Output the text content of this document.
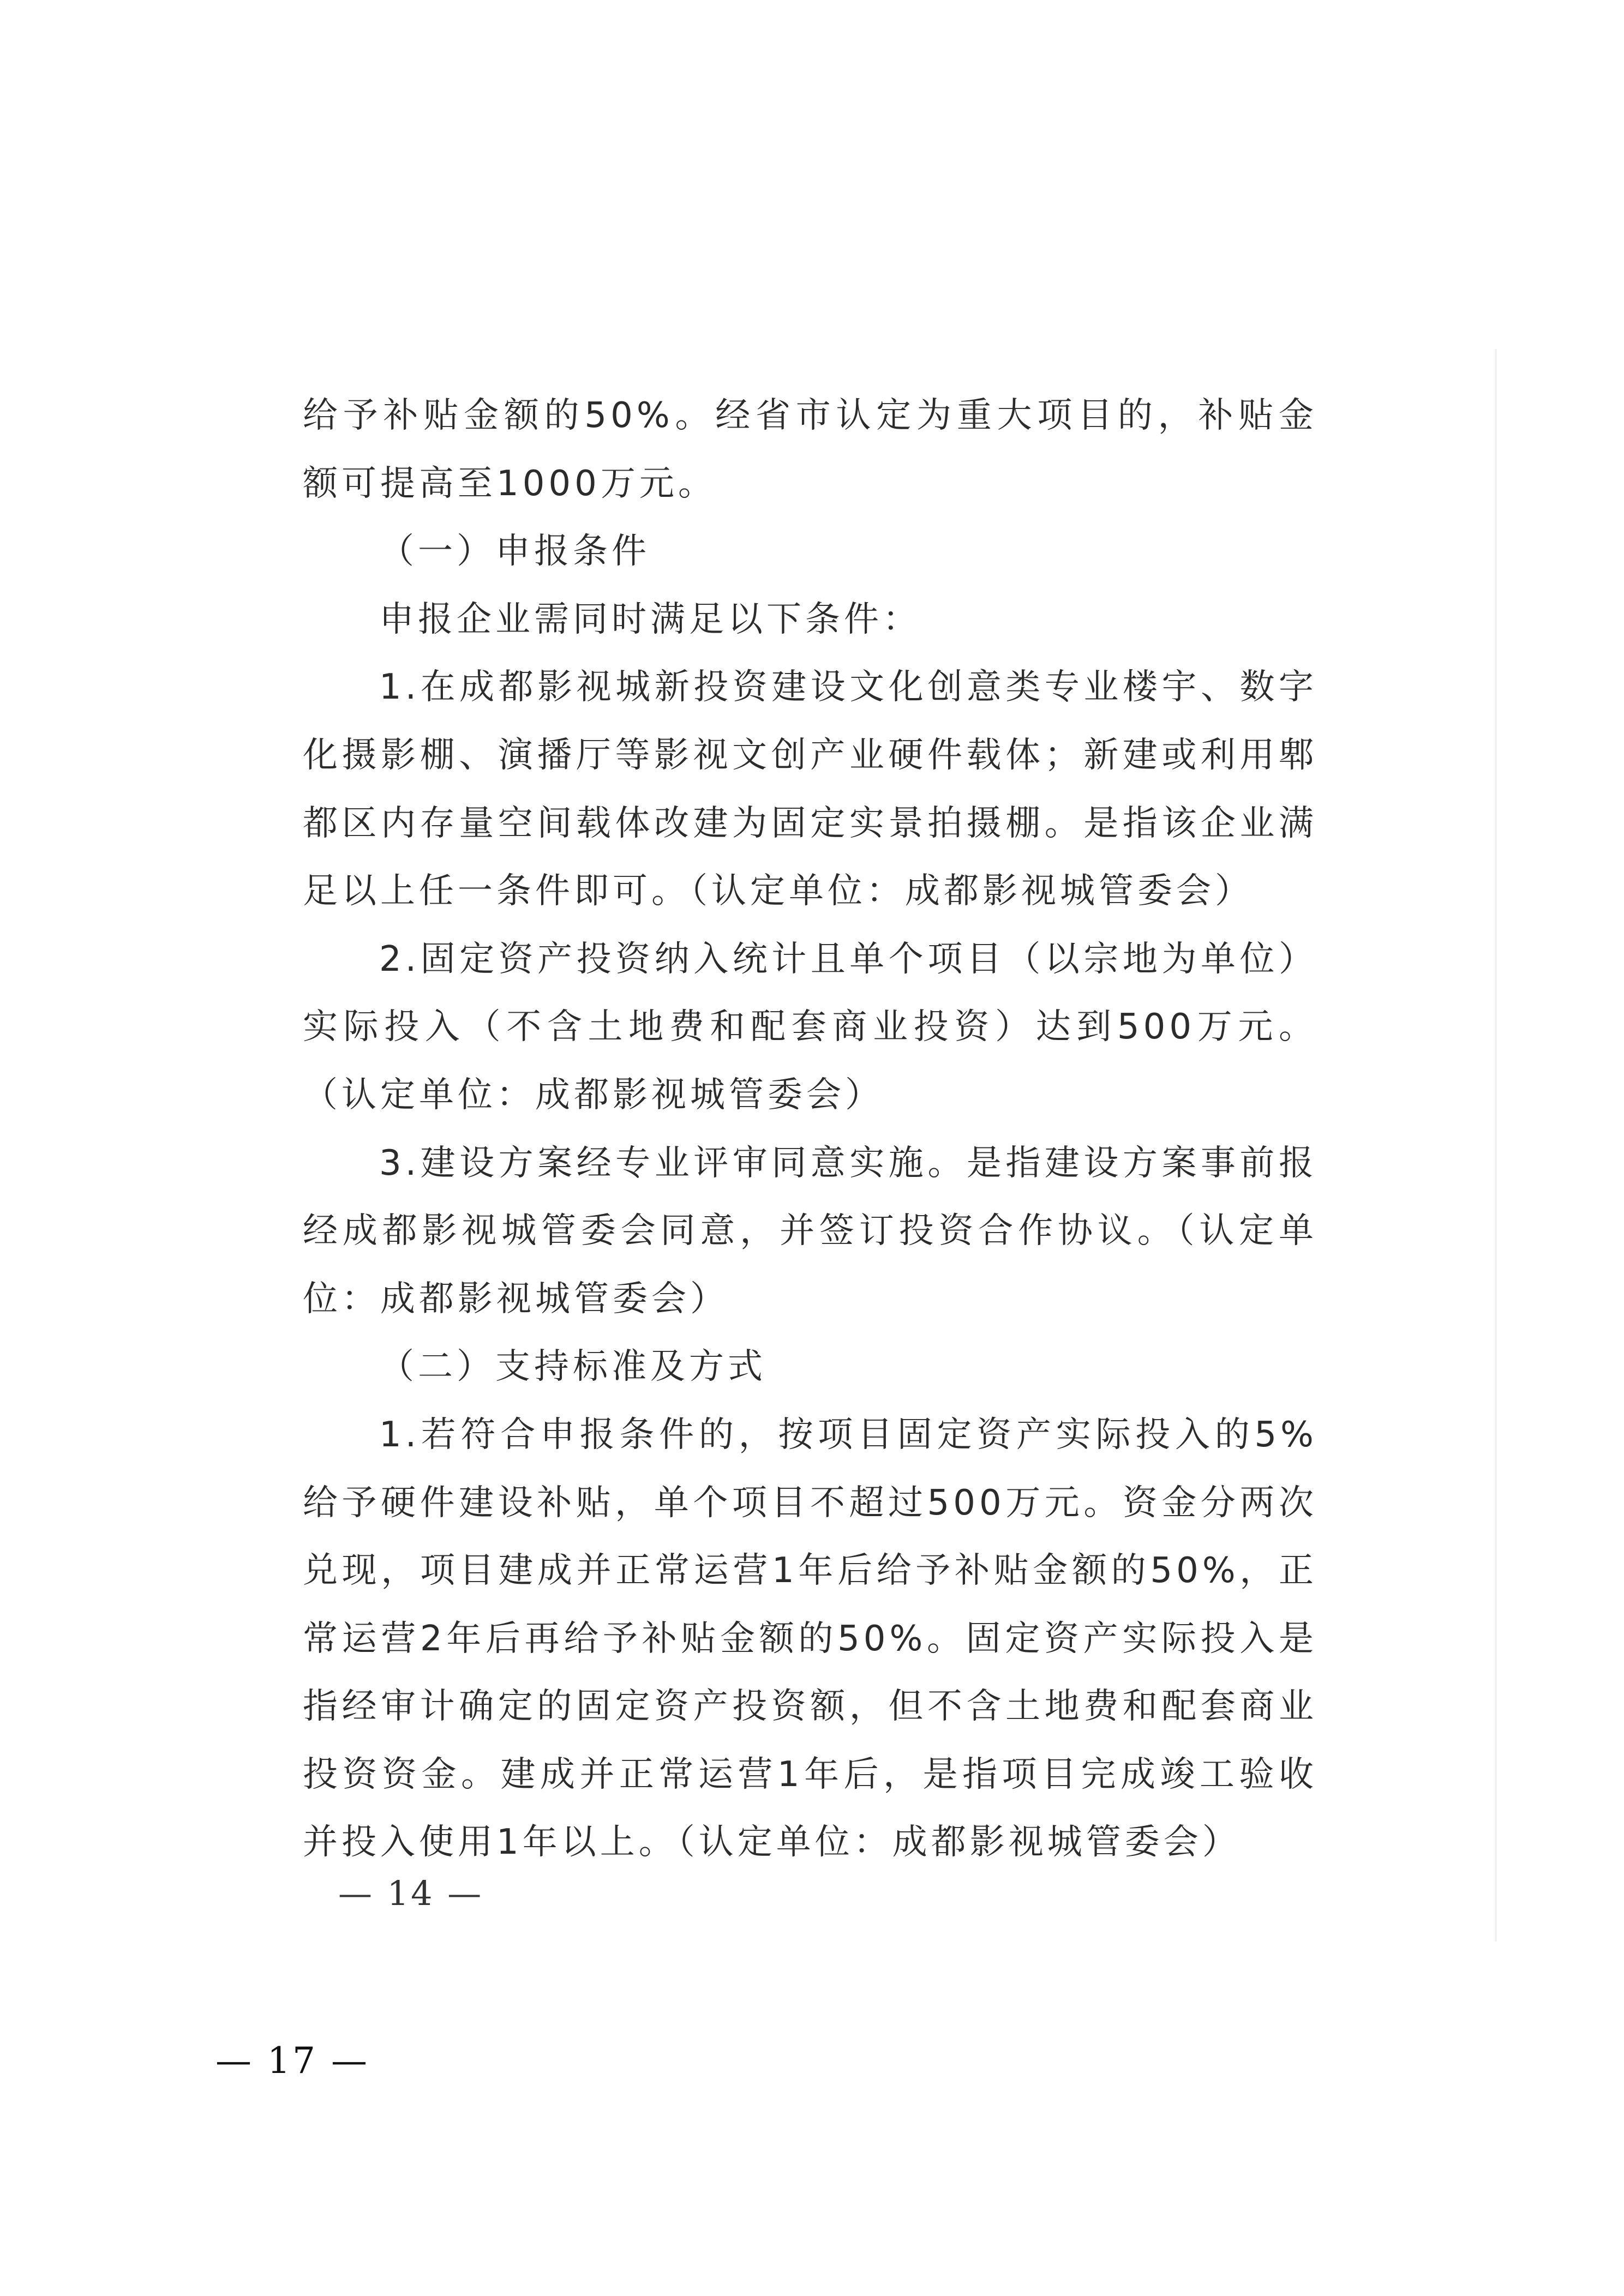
给予补贴金额的50%。经省市认定为重大项目的，补贴金额可提高至1000万元。

（一）申报条件

申报企业需同时满足以下条件：

1.在成都影视城新投资建设文化创意类专业楼宇、数字化摄影棚、演播厅等影视文创产业硬件载体；新建或利用郫都区内存量空间载体改建为固定实景拍摄棚。是指该企业满足以上任一条件即可。（认定单位：成都影视城管委会）

2.固定资产投资纳入统计且单个项目（以宗地为单位）实际投入（不含土地费和配套商业投资）达到500万元。（认定单位：成都影视城管委会）

3.建设方案经专业评审同意实施。是指建设方案事前报经成都影视城管委会同意，并签订投资合作协议。（认定单位：成都影视城管委会）

（二）支持标准及方式

1.若符合申报条件的，按项目固定资产实际投入的5%给予硬件建设补贴，单个项目不超过500万元。资金分两次兑现，项目建成并正常运营1年后给予补贴金额的50%，正常运营2年后再给予补贴金额的50%。固定资产实际投入是指经审计确定的固定资产投资额，但不含土地费和配套商业投资资金。建成并正常运营1年后，是指项目完成竣工验收并投入使用1年以上。（认定单位：成都影视城管委会）

— 14 —
— 17 —
